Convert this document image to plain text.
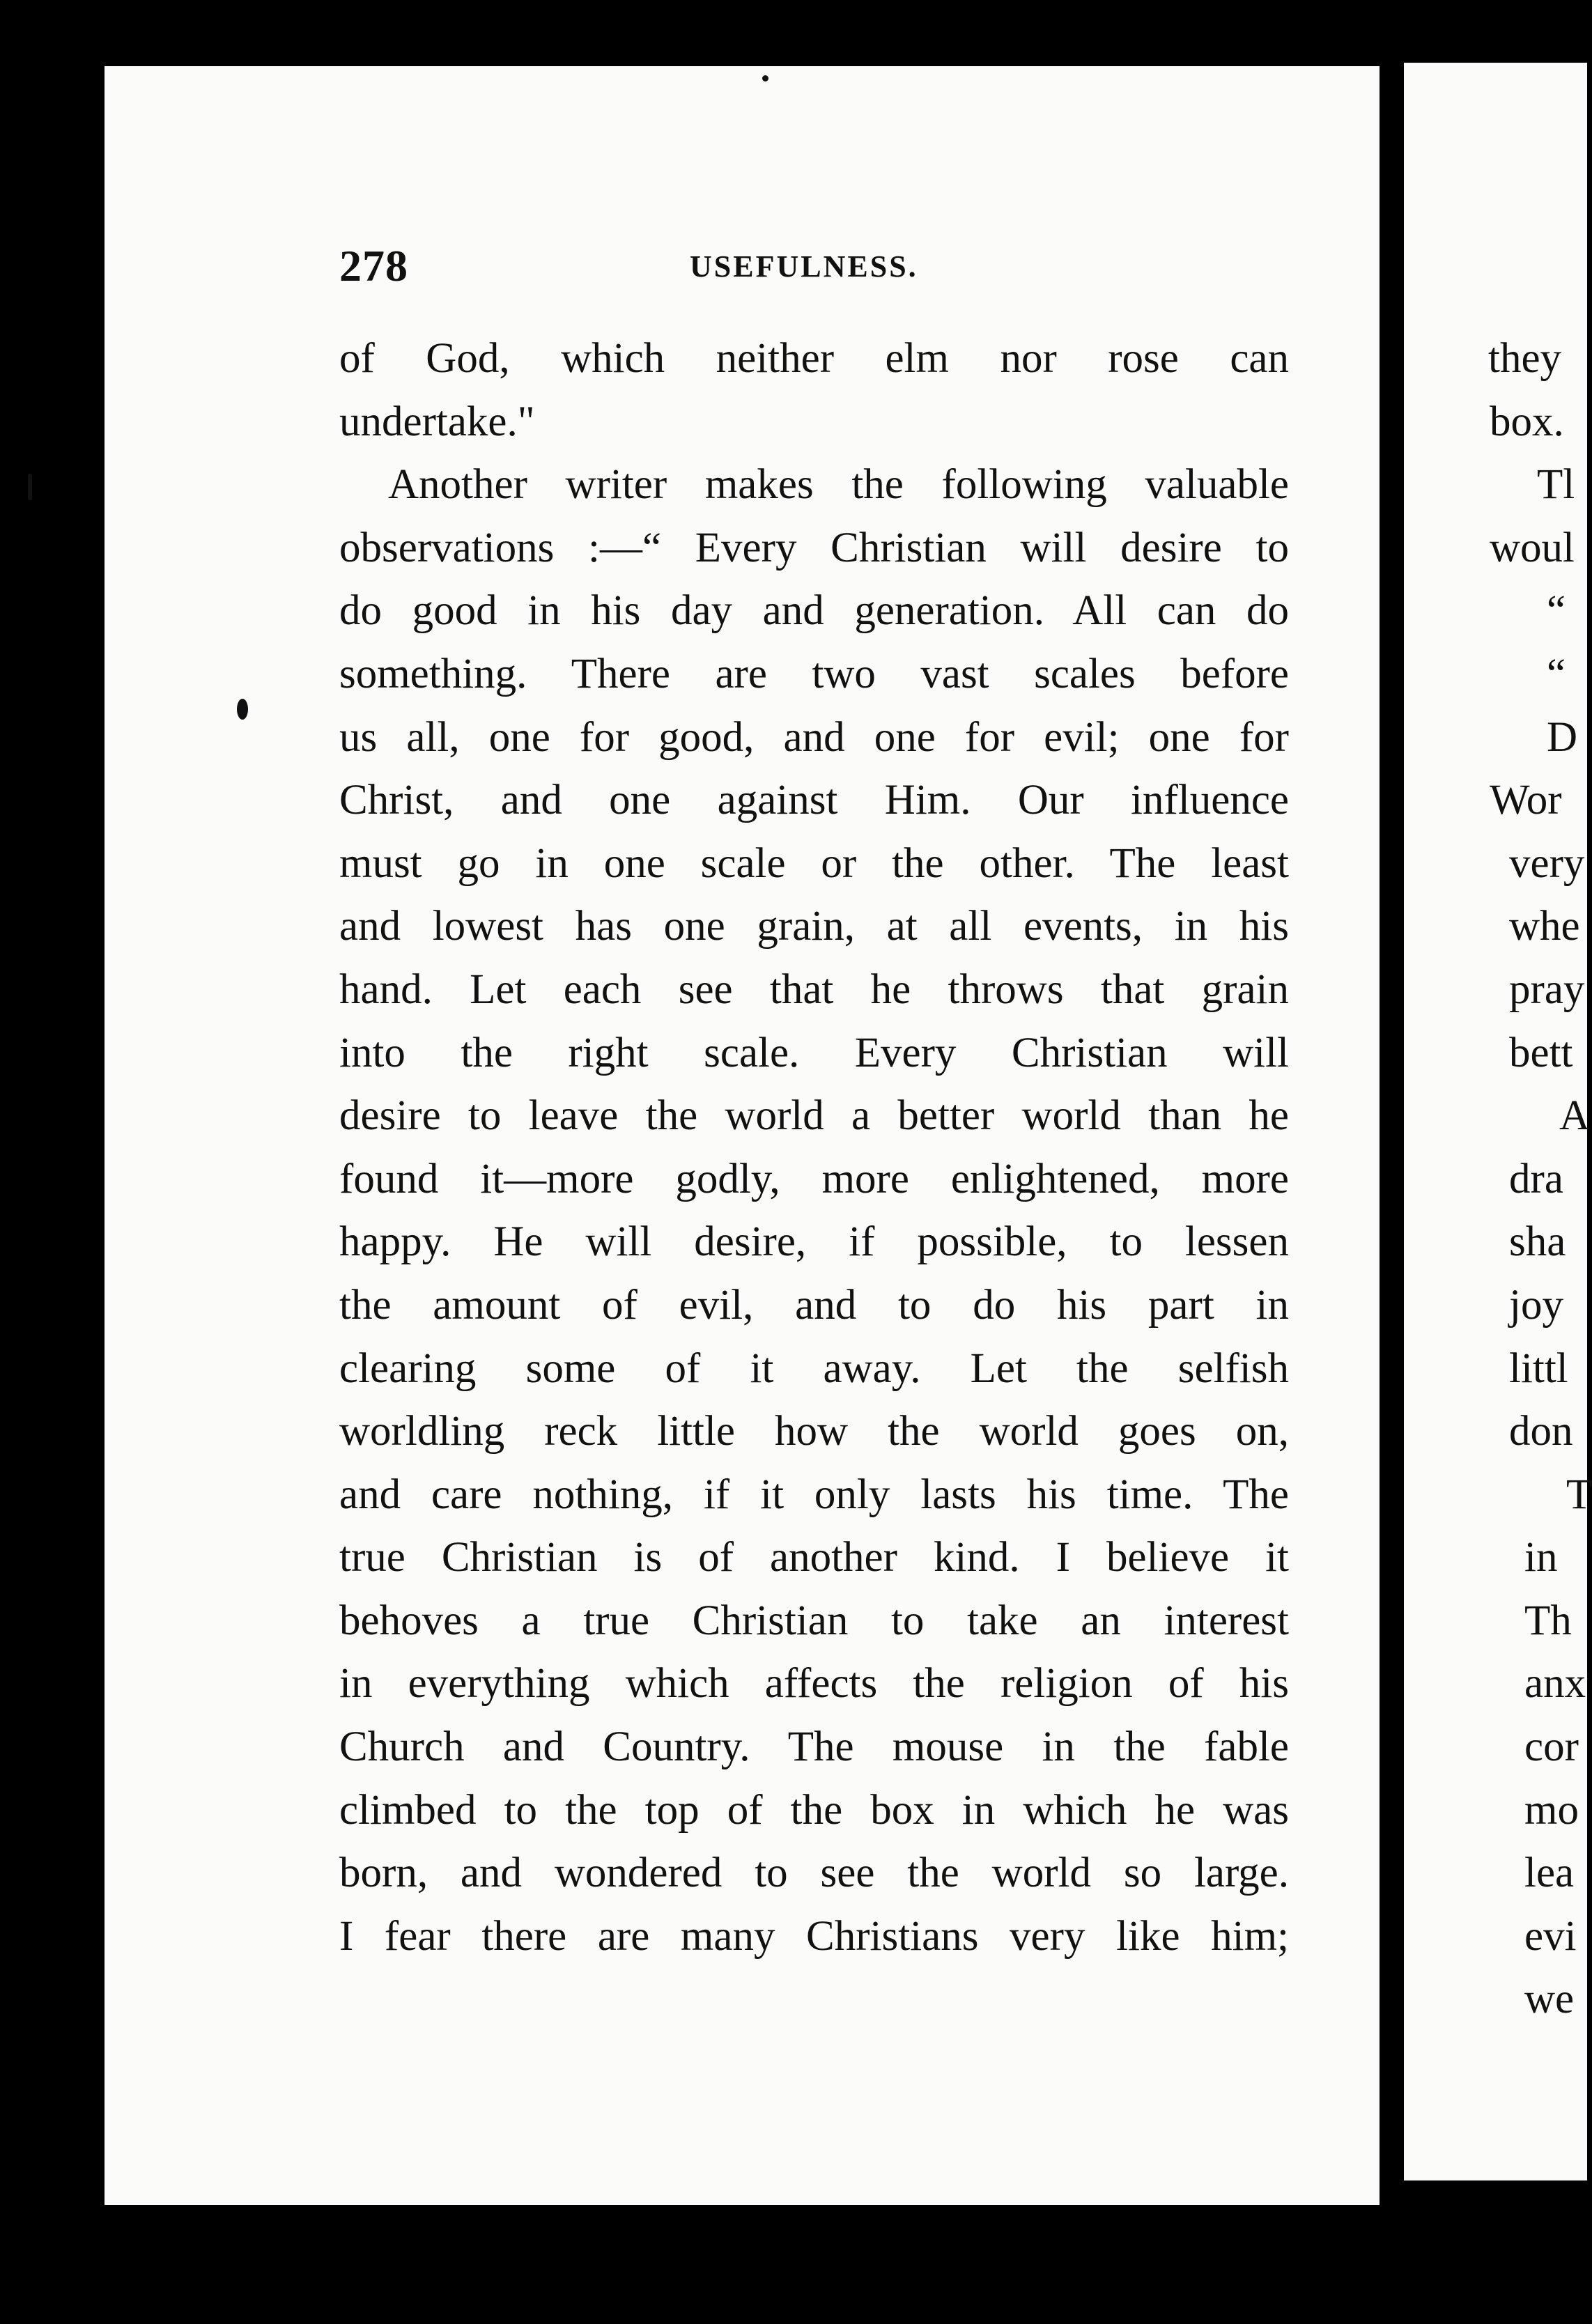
278	USEFULNESS.
of God, which neither elm nor rose can
undertake."
Another writer makes the following valuable
observations :—“ Every Christian will desire to
do good in his day and generation. All can do
something. There are two vast scales before
us all, one for good, and one for evil; one for
Christ, and one against Him. Our influence
must go in one scale or the other. The least
and lowest has one grain, at all events, in his
hand. Let each see that he throws that grain
into the right scale. Every Christian will
desire to leave the world a better world than he
found it—more godly, more enlightened, more
happy. He will desire, if possible, to lessen
the amount of evil, and to do his part in
clearing some of it away. Let the selfish
worldling reck little how the world goes on,
and care nothing, if it only lasts his time. The
true Christian is of another kind. I believe it
behoves a true Christian to take an interest
in everything which affects the religion of his
Church and Country. The mouse in the fable
climbed to the top of the box in which he was
born, and wondered to see the world so large.
I fear there are many Christians very like him;
they
box.
Tl
woul
“
“
D
Wor
very
whe
pray
bett
A
dra
sha
joy
littl
don
T
in
Th
anx
cor
mo
lea
evi
we
